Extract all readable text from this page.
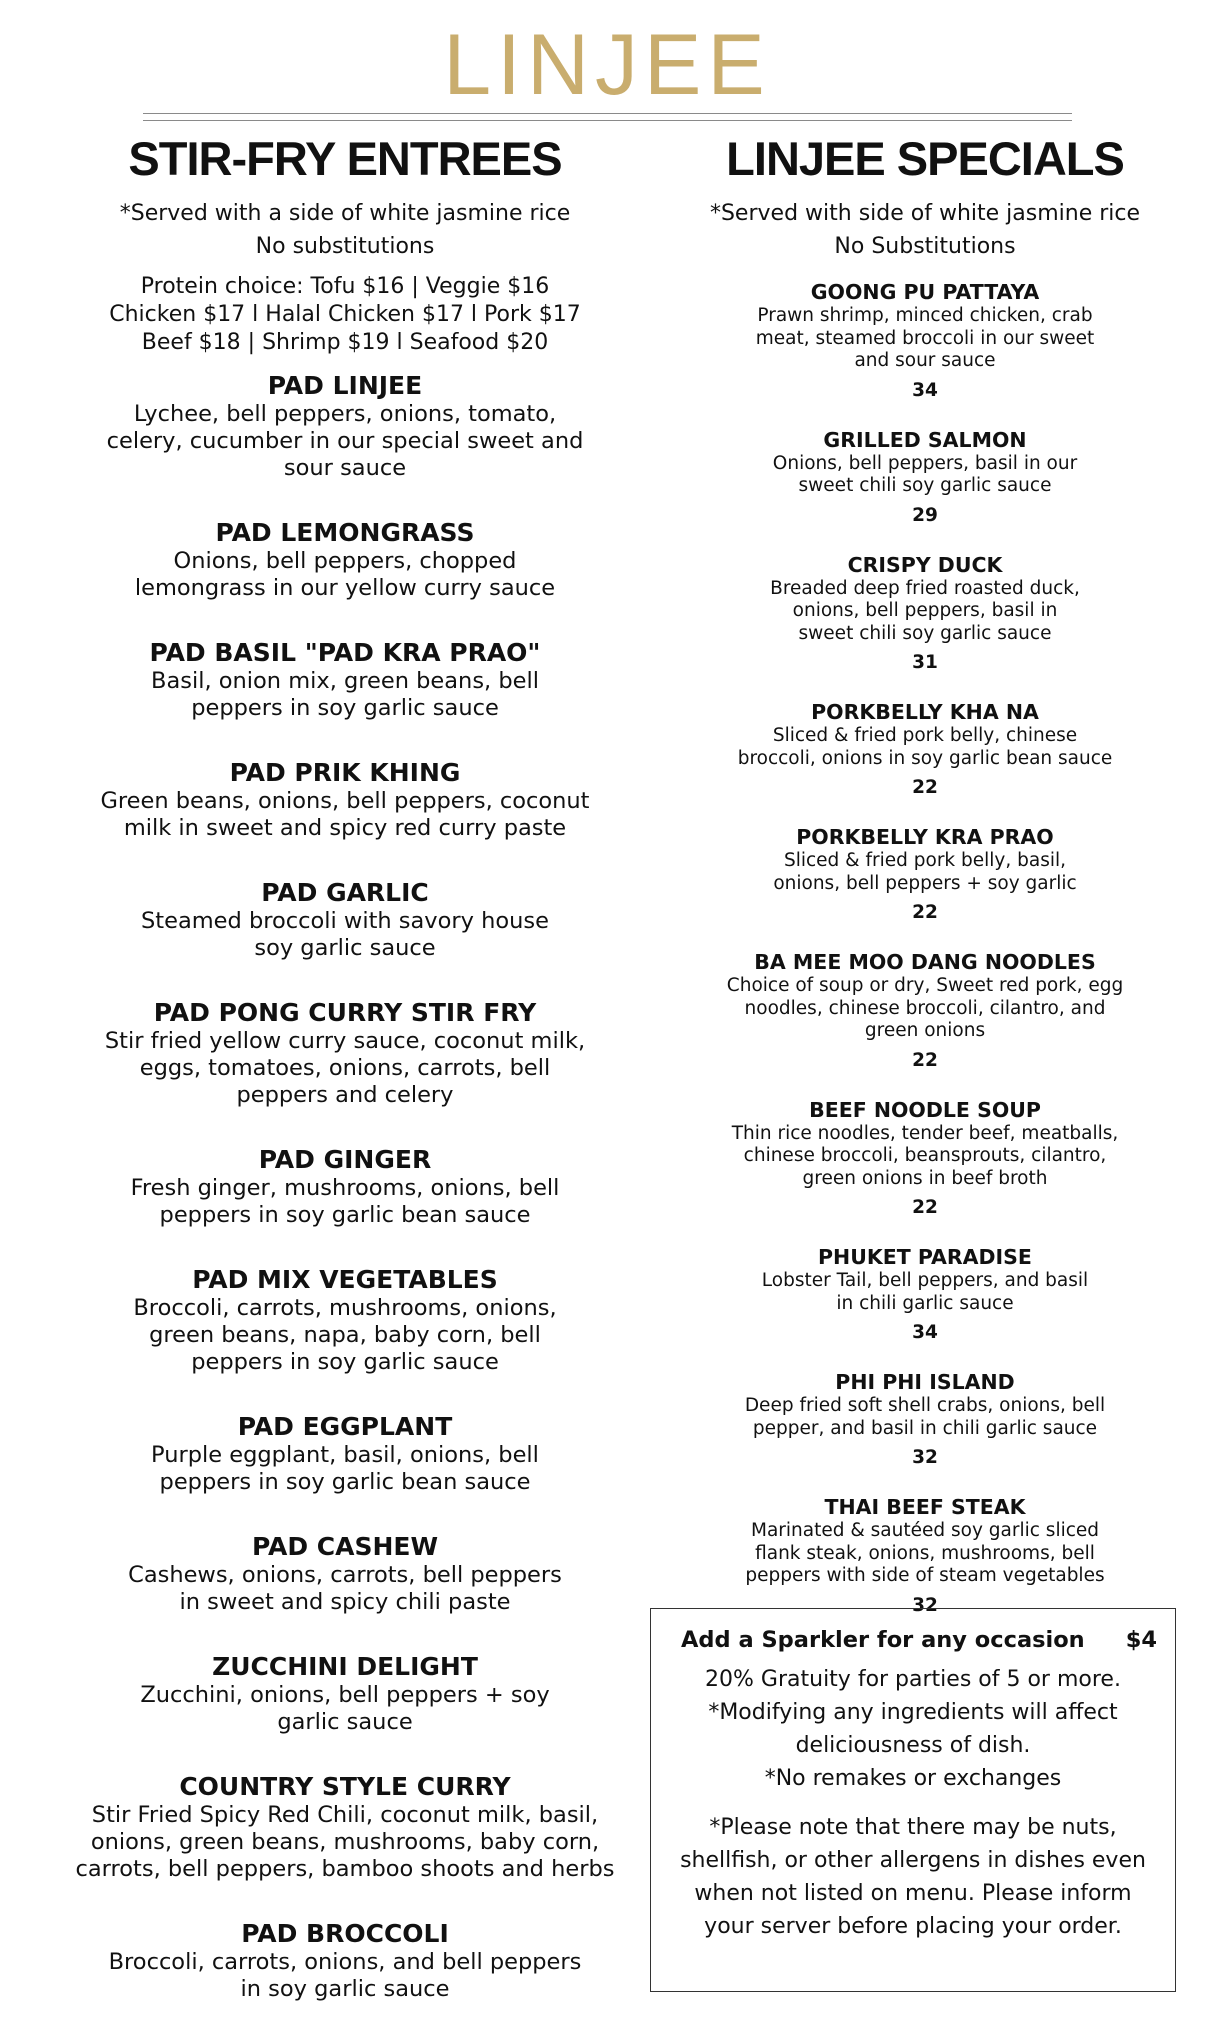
LINJEE
STIR-FRY ENTREES

*Served with a side of white jasmine rice

No substitutions

Protein choice: Tofu $16 | Veggie $16
Chicken $17 l Halal Chicken $17 l Pork $17
Beef $18 | Shrimp $19 l Seafood $20
PAD LINJEE
Lychee, bell peppers, onions, tomato,
celery, cucumber in our special sweet and
sour sauce
PAD LEMONGRASS
Onions, bell peppers, chopped
lemongrass in our yellow curry sauce
PAD BASIL "PAD KRA PRAO"
Basil, onion mix, green beans, bell
peppers in soy garlic sauce
PAD PRIK KHING
Green beans, onions, bell peppers, coconut
milk in sweet and spicy red curry paste
PAD GARLIC
Steamed broccoli with savory house
soy garlic sauce
PAD PONG CURRY STIR FRY
Stir fried yellow curry sauce, coconut milk,
eggs, tomatoes, onions, carrots, bell
peppers and celery
PAD GINGER
Fresh ginger, mushrooms, onions, bell
peppers in soy garlic bean sauce
PAD MIX VEGETABLES
Broccoli, carrots, mushrooms, onions,
green beans, napa, baby corn, bell
peppers in soy garlic sauce
PAD EGGPLANT
Purple eggplant, basil, onions, bell
peppers in soy garlic bean sauce
PAD CASHEW
Cashews, onions, carrots, bell peppers
in sweet and spicy chili paste
ZUCCHINI DELIGHT
Zucchini, onions, bell peppers + soy
garlic sauce
COUNTRY STYLE CURRY
Stir Fried Spicy Red Chili, coconut milk, basil,
onions, green beans, mushrooms, baby corn,
carrots, bell peppers, bamboo shoots and herbs
PAD BROCCOLI
Broccoli, carrots, onions, and bell peppers
in soy garlic sauce
LINJEE SPECIALS

*Served with side of white jasmine rice

No Substitutions

GOONG PU PATTAYA
Prawn shrimp, minced chicken, crab
meat, steamed broccoli in our sweet
and sour sauce
34
GRILLED SALMON
Onions, bell peppers, basil in our
sweet chili soy garlic sauce
29
CRISPY DUCK
Breaded deep fried roasted duck,
onions, bell peppers, basil in
sweet chili soy garlic sauce
31
PORKBELLY KHA NA
Sliced & fried pork belly, chinese
broccoli, onions in soy garlic bean sauce
22
PORKBELLY KRA PRAO
Sliced & fried pork belly, basil,
onions, bell peppers + soy garlic
22
BA MEE MOO DANG NOODLES
Choice of soup or dry, Sweet red pork, egg
noodles, chinese broccoli, cilantro, and
green onions
22
BEEF NOODLE SOUP
Thin rice noodles, tender beef, meatballs,
chinese broccoli, beansprouts, cilantro,
green onions in beef broth
22
PHUKET PARADISE
Lobster Tail, bell peppers, and basil
in chili garlic sauce
34
PHI PHI ISLAND
Deep fried soft shell crabs, onions, bell
pepper, and basil in chili garlic sauce
32
THAI BEEF STEAK
Marinated & sautéed soy garlic sliced
flank steak, onions, mushrooms, bell
peppers with side of steam vegetables
32
Add a Sparkler for any occasion $4
20% Gratuity for parties of 5 or more.
*Modifying any ingredients will affect
deliciousness of dish.
*No remakes or exchanges
*Please note that there may be nuts,
shellfish, or other allergens in dishes even
when not listed on menu. Please inform
your server before placing your order.
